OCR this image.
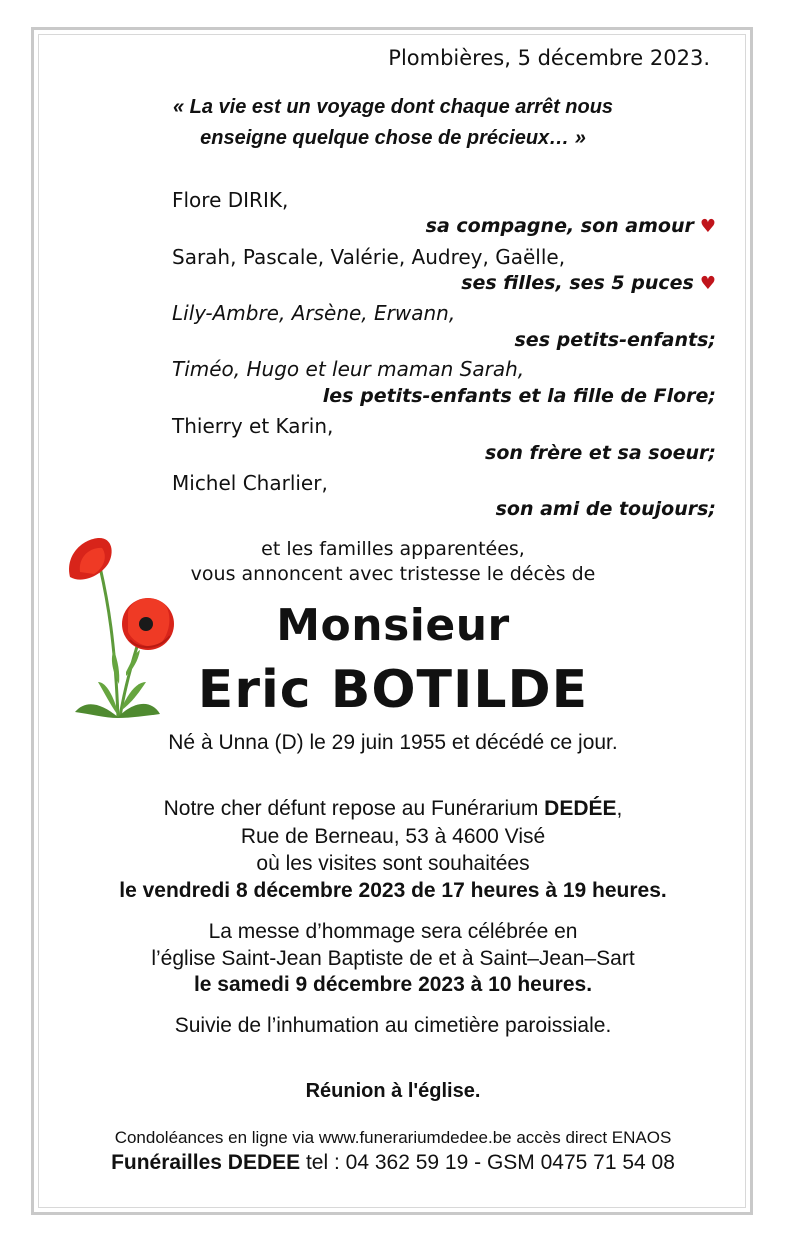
Plombières, 5 décembre 2023.
« La vie est un voyage dont chaque arrêt nous
enseigne quelque chose de précieux… »
Flore DIRIK,
sa compagne, son amour ♥
Sarah, Pascale, Valérie, Audrey, Gaëlle,
ses filles, ses 5 puces ♥
Lily-Ambre, Arsène, Erwann,
ses petits-enfants;
Timéo, Hugo et leur maman Sarah,
les petits-enfants et la fille de Flore;
Thierry et Karin,
son frère et sa soeur;
Michel Charlier,
son ami de toujours;
et les familles apparentées,
vous annoncent avec tristesse le décès de
Monsieur
Eric BOTILDE
Né à Unna (D) le 29 juin 1955 et décédé ce jour.
Notre cher défunt repose au Funérarium DEDÉE,
Rue de Berneau, 53 à 4600 Visé
où les visites sont souhaitées
le vendredi 8 décembre 2023 de 17 heures à 19 heures.
La messe d’hommage sera célébrée en
l’église Saint-Jean Baptiste de et à Saint–Jean–Sart
le samedi 9 décembre 2023 à 10 heures.
Suivie de l’inhumation au cimetière paroissiale.
Réunion à l'église.
Condoléances en ligne via www.funerariumdedee.be accès direct ENAOS
Funérailles DEDEE tel : 04 362 59 19 - GSM 0475 71 54 08
